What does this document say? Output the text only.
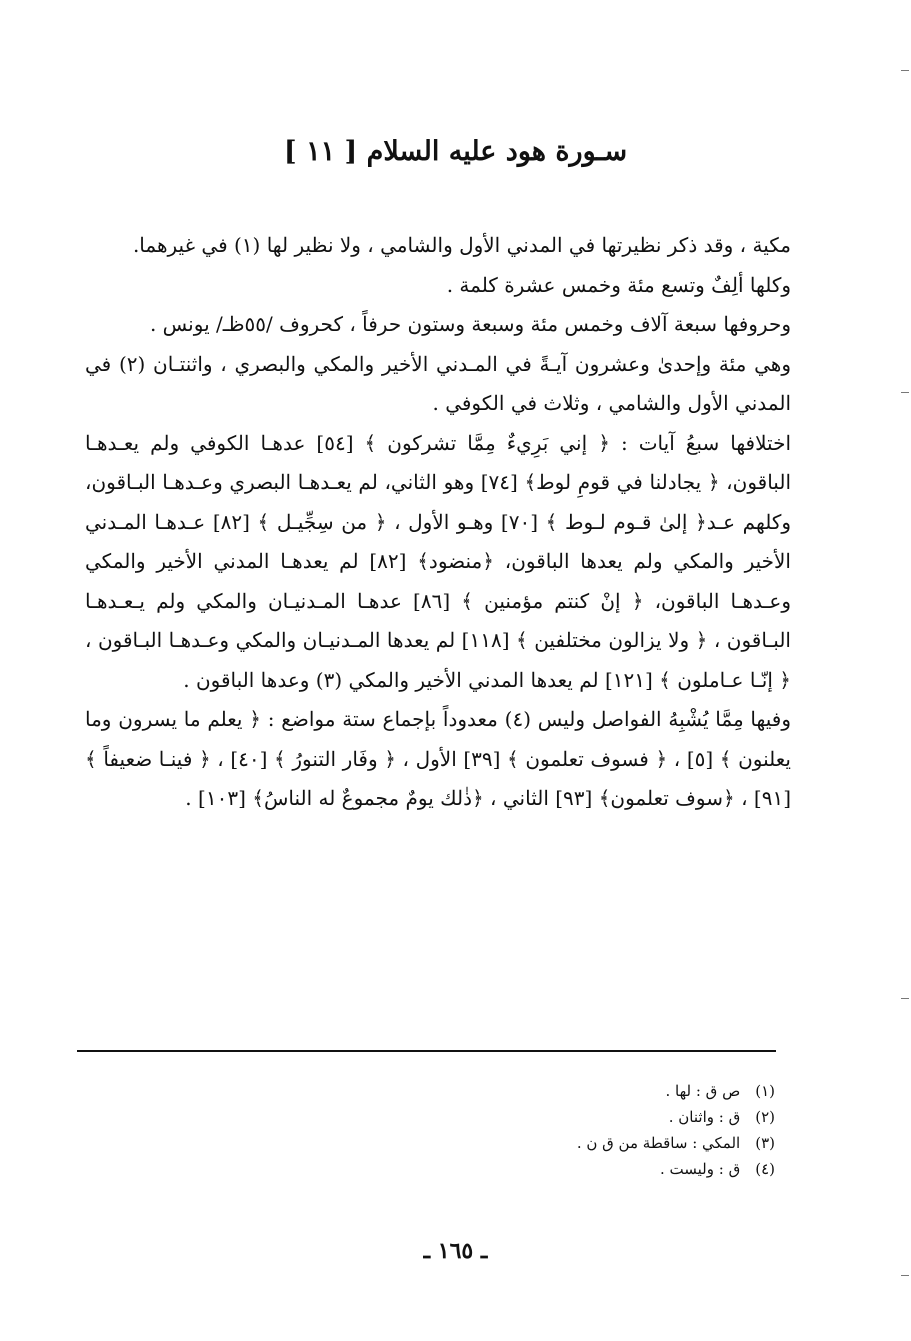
سـورة هود عليه السلام [ ١١ ]

مكية ، وقد ذكر نظيرتها في المدني الأول والشامي ، ولا نظير لها (١) في غيرهما.

وكلها ألِفٌ وتسع مئة وخمس عشرة كلمة .

وحروفها سبعة آلاف وخمس مئة وسبعة وستون حرفاً ، كحروف /٥٥ظـ/ يونس .

وهي مئة وإحدىٰ وعشرون آيـةً في المـدني الأخير والمكي والبصري ، واثنتـان (٢) في المدني الأول والشامي ، وثلاث في الكوفي .

اختلافها سبعُ آيات : ﴿ إني بَرِيءٌ مِمَّا تشركون ﴾ [٥٤] عدهـا الكوفي ولم يعـدهـا الباقون، ﴿ يجادلنا في قومِ لوط﴾ [٧٤] وهو الثاني، لم يعـدهـا البصري وعـدهـا البـاقون، وكلهم عـد﴿ إلىٰ قـوم لـوط ﴾ [٧٠] وهـو الأول ، ﴿ من سِجِّيـل ﴾ [٨٢] عـدهـا المـدني الأخير والمكي ولم يعدها الباقون، ﴿منضود﴾ [٨٢] لم يعدهـا المدني الأخير والمكي وعـدهـا الباقون، ﴿ إنْ كنتم مؤمنين ﴾ [٨٦] عدهـا المـدنيـان والمكي ولم يـعـدهـا البـاقون ، ﴿ ولا يزالون مختلفين ﴾ [١١٨] لم يعدها المـدنيـان والمكي وعـدهـا البـاقون ، ﴿ إنّـا عـاملون ﴾ [١٢١] لم يعدها المدني الأخير والمكي (٣) وعدها الباقون .

وفيها مِمَّا يُشْبِهُ الفواصل وليس (٤) معدوداً بإجماع ستة مواضع : ﴿ يعلم ما يسرون وما يعلنون ﴾ [٥] ، ﴿ فسوف تعلمون ﴾ [٣٩] الأول ، ﴿ وفَار التنورُ ﴾ [٤٠] ، ﴿ فينـا ضعيفاً ﴾ [٩١] ، ﴿سوف تعلمون﴾ [٩٣] الثاني ، ﴿ذٰلك يومٌ مجموعٌ له الناسُ﴾ [١٠٣] .

(١) ص ق : لها .
(٢) ق : واثنان .
(٣) المكي : ساقطة من ق ن .
(٤) ق : وليست .
ـ ١٦٥ ـ
